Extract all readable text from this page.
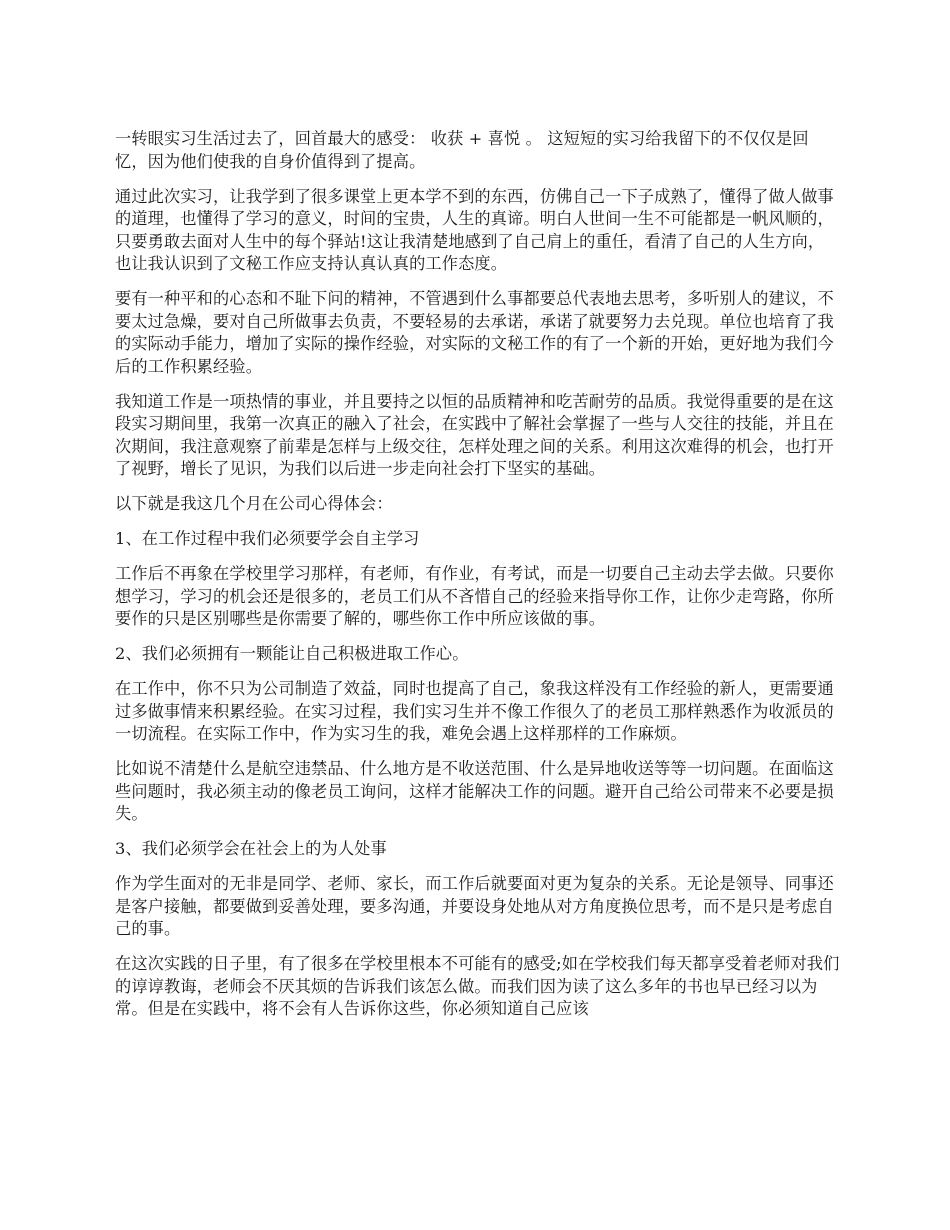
一转眼实习生活过去了，回首最大的感受： 收获 + 喜悦 。 这短短的实习给我留下的不仅仅是回忆，因为他们使我的自身价值得到了提高。

通过此次实习，让我学到了很多课堂上更本学不到的东西，仿佛自己一下子成熟了，懂得了做人做事的道理，也懂得了学习的意义，时间的宝贵，人生的真谛。明白人世间一生不可能都是一帆风顺的，只要勇敢去面对人生中的每个驿站!这让我清楚地感到了自己肩上的重任，看清了自己的人生方向，也让我认识到了文秘工作应支持认真认真的工作态度。

要有一种平和的心态和不耻下问的精神，不管遇到什么事都要总代表地去思考，多听别人的建议，不要太过急燥，要对自己所做事去负责，不要轻易的去承诺，承诺了就要努力去兑现。单位也培育了我的实际动手能力，增加了实际的操作经验，对实际的文秘工作的有了一个新的开始，更好地为我们今后的工作积累经验。

我知道工作是一项热情的事业，并且要持之以恒的品质精神和吃苦耐劳的品质。我觉得重要的是在这段实习期间里，我第一次真正的融入了社会，在实践中了解社会掌握了一些与人交往的技能，并且在次期间，我注意观察了前辈是怎样与上级交往，怎样处理之间的关系。利用这次难得的机会，也打开了视野，增长了见识，为我们以后进一步走向社会打下坚实的基础。

以下就是我这几个月在公司心得体会：

1、在工作过程中我们必须要学会自主学习

工作后不再象在学校里学习那样，有老师，有作业，有考试，而是一切要自己主动去学去做。只要你想学习，学习的机会还是很多的，老员工们从不吝惜自己的经验来指导你工作，让你少走弯路，你所要作的只是区别哪些是你需要了解的，哪些你工作中所应该做的事。

2、我们必须拥有一颗能让自己积极进取工作心。

在工作中，你不只为公司制造了效益，同时也提高了自己，象我这样没有工作经验的新人，更需要通过多做事情来积累经验。在实习过程，我们实习生并不像工作很久了的老员工那样熟悉作为收派员的一切流程。在实际工作中，作为实习生的我，难免会遇上这样那样的工作麻烦。

比如说不清楚什么是航空违禁品、什么地方是不收送范围、什么是异地收送等等一切问题。在面临这些问题时，我必须主动的像老员工询问，这样才能解决工作的问题。避开自己给公司带来不必要是损失。

3、我们必须学会在社会上的为人处事

作为学生面对的无非是同学、老师、家长，而工作后就要面对更为复杂的关系。无论是领导、同事还是客户接触，都要做到妥善处理，要多沟通，并要设身处地从对方角度换位思考，而不是只是考虑自己的事。

在这次实践的日子里，有了很多在学校里根本不可能有的感受;如在学校我们每天都享受着老师对我们的谆谆教诲，老师会不厌其烦的告诉我们该怎么做。而我们因为读了这么多年的书也早已经习以为常。但是在实践中，将不会有人告诉你这些，你必须知道自己应该
